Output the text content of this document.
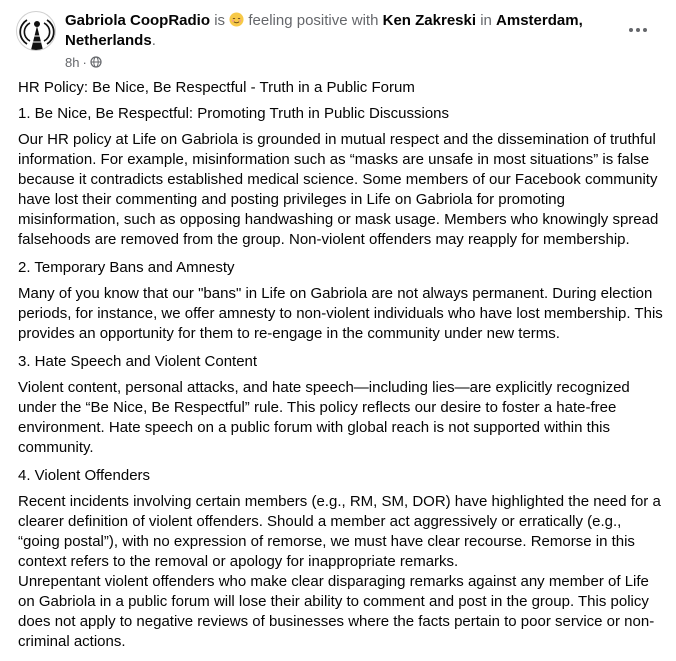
Gabriola CoopRadio is feeling positive with Ken Zakreski in Amsterdam, Netherlands.
8h ·

HR Policy: Be Nice, Be Respectful - Truth in a Public Forum

1. Be Nice, Be Respectful: Promoting Truth in Public Discussions

Our HR policy at Life on Gabriola is grounded in mutual respect and the dissemination of truthful information. For example, misinformation such as “masks are unsafe in most situations” is false because it contradicts established medical science. Some members of our Facebook community have lost their commenting and posting privileges in Life on Gabriola for promoting misinformation, such as opposing handwashing or mask usage. Members who knowingly spread falsehoods are removed from the group. Non-violent offenders may reapply for membership.

2. Temporary Bans and Amnesty

Many of you know that our "bans" in Life on Gabriola are not always permanent. During election periods, for instance, we offer amnesty to non-violent individuals who have lost membership. This provides an opportunity for them to re-engage in the community under new terms.

3. Hate Speech and Violent Content

Violent content, personal attacks, and hate speech—including lies—are explicitly recognized under the “Be Nice, Be Respectful” rule. This policy reflects our desire to foster a hate-free environment. Hate speech on a public forum with global reach is not supported within this community.

4. Violent Offenders

Recent incidents involving certain members (e.g., RM, SM, DOR) have highlighted the need for a clearer definition of violent offenders. Should a member act aggressively or erratically (e.g., “going postal”), with no expression of remorse, we must have clear recourse. Remorse in this context refers to the removal or apology for inappropriate remarks.

Unrepentant violent offenders who make clear disparaging remarks against any member of Life on Gabriola in a public forum will lose their ability to comment and post in the group. This policy does not apply to negative reviews of businesses where the facts pertain to poor service or non-criminal actions.
